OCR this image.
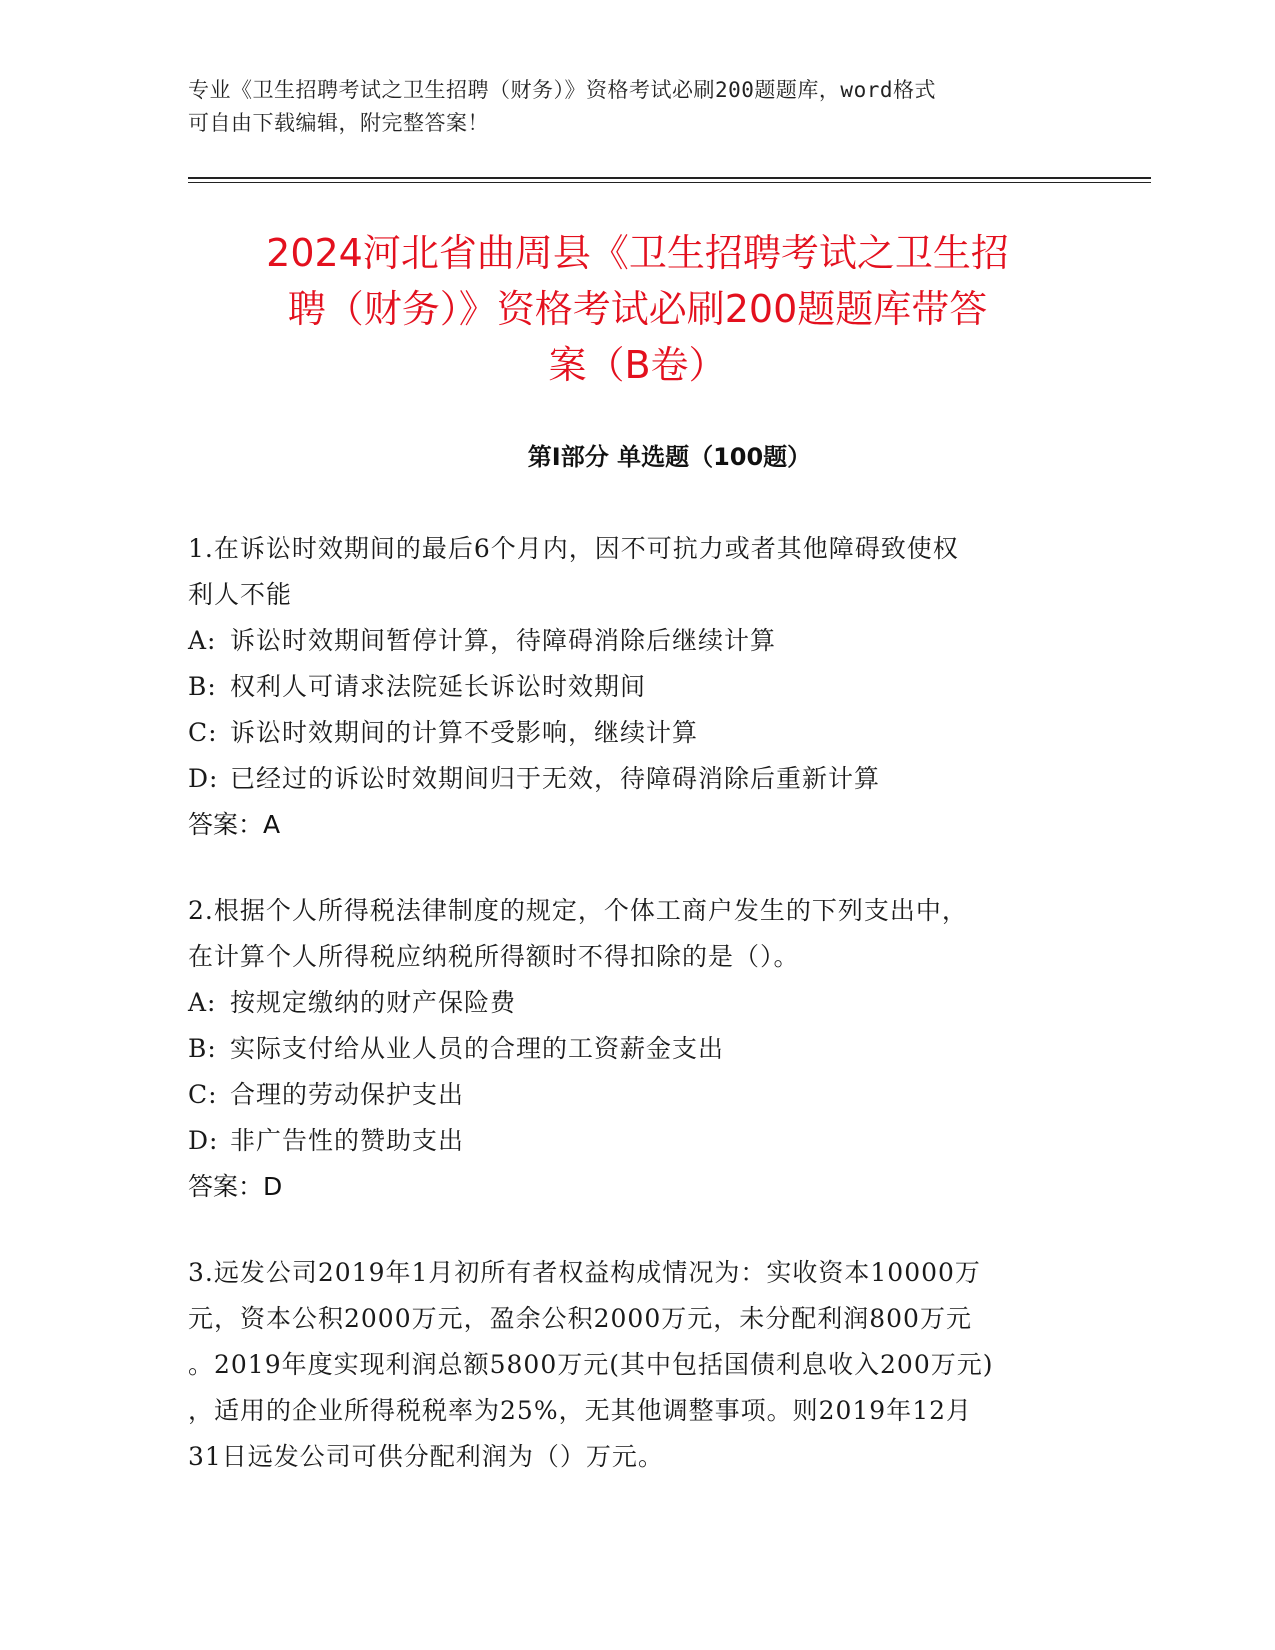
专业《卫生招聘考试之卫生招聘（财务）》资格考试必刷200题题库，word格式
可自由下载编辑，附完整答案！
2024河北省曲周县《卫生招聘考试之卫生招
聘（财务）》资格考试必刷200题题库带答
案（B卷）
第Ⅰ部分 单选题（100题）

1.在诉讼时效期间的最后6个月内，因不可抗力或者其他障碍致使权
利人不能

A: 诉讼时效期间暂停计算，待障碍消除后继续计算

B: 权利人可请求法院延长诉讼时效期间

C: 诉讼时效期间的计算不受影响，继续计算

D: 已经过的诉讼时效期间归于无效，待障碍消除后重新计算

答案：A

2.根据个人所得税法律制度的规定，个体工商户发生的下列支出中，
在计算个人所得税应纳税所得额时不得扣除的是（）。

A: 按规定缴纳的财产保险费

B: 实际支付给从业人员的合理的工资薪金支出

C: 合理的劳动保护支出

D: 非广告性的赞助支出

答案：D

3.远发公司2019年1月初所有者权益构成情况为：实收资本10000万
元，资本公积2000万元，盈余公积2000万元，未分配利润800万元
。2019年度实现利润总额5800万元(其中包括国债利息收入200万元)
，适用的企业所得税税率为25%，无其他调整事项。则2019年12月
31日远发公司可供分配利润为（）万元。
